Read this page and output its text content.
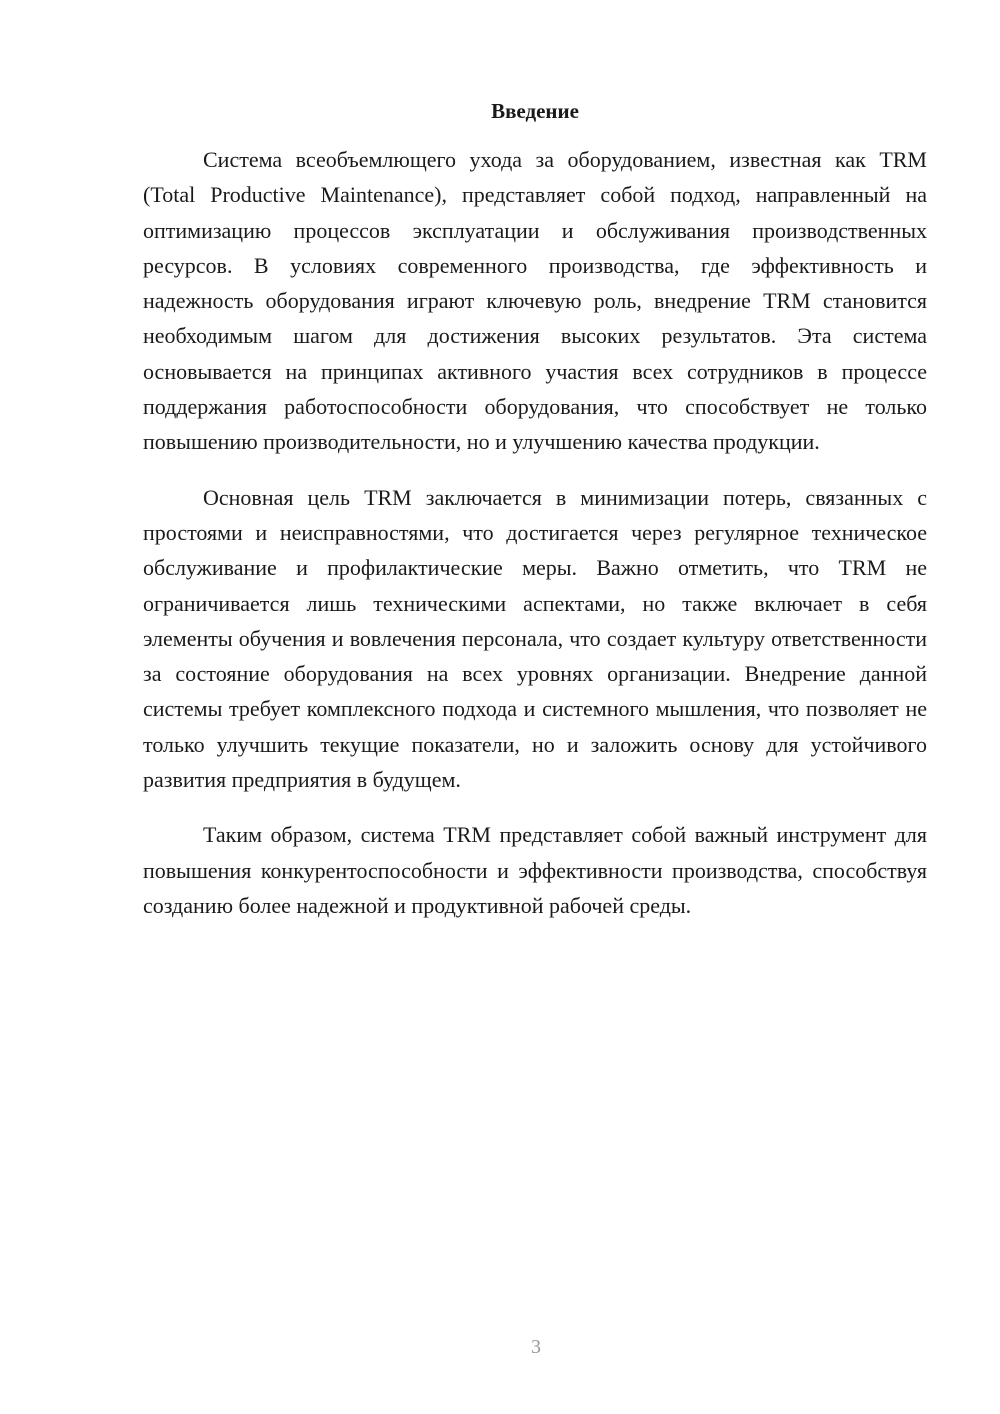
Введение

Система всеобъемлющего ухода за оборудованием, известная как TRM (Total Productive Maintenance), представляет собой подход, направленный на оптимизацию процессов эксплуатации и обслуживания производственных ресурсов. В условиях современного производства, где эффективность и надежность оборудования играют ключевую роль, внедрение TRM становится необходимым шагом для достижения высоких результатов. Эта система основывается на принципах активного участия всех сотрудников в процессе поддержания работоспособности оборудования, что способствует не только повышению производительности, но и улучшению качества продукции.

Основная цель TRM заключается в минимизации потерь, связанных с простоями и неисправностями, что достигается через регулярное техническое обслуживание и профилактические меры. Важно отметить, что TRM не ограничивается лишь техническими аспектами, но также включает в себя элементы обучения и вовлечения персонала, что создает культуру ответственности за состояние оборудования на всех уровнях организации. Внедрение данной системы требует комплексного подхода и системного мышления, что позволяет не только улучшить текущие показатели, но и заложить основу для устойчивого развития предприятия в будущем.

Таким образом, система TRM представляет собой важный инструмент для повышения конкурентоспособности и эффективности производства, способствуя созданию более надежной и продуктивной рабочей среды.

3
